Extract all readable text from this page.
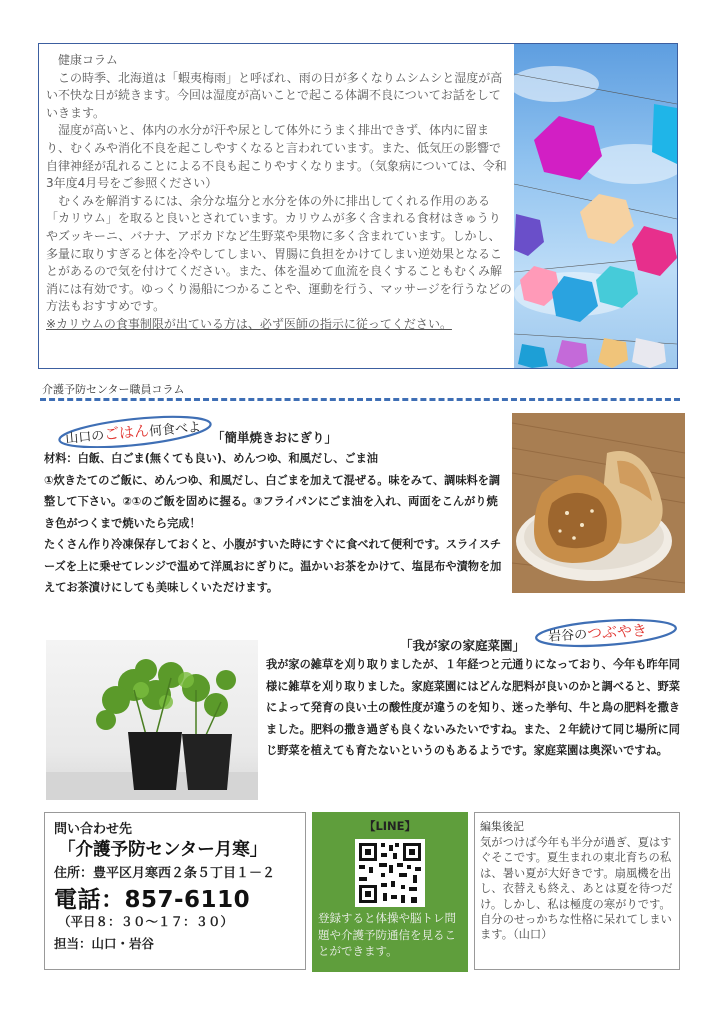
健康コラム

この時季、北海道は「蝦夷梅雨」と呼ばれ、雨の日が多くなりムシムシと湿度が高い不快な日が続きます。今回は湿度が高いことで起こる体調不良についてお話をしていきます。

湿度が高いと、体内の水分が汗や尿として体外にうまく排出できず、体内に留まり、むくみや消化不良を起こしやすくなると言われています。また、低気圧の影響で自律神経が乱れることによる不良も起こりやすくなります。（気象病については、令和3年度4月号をご参照ください）

むくみを解消するには、余分な塩分と水分を体の外に排出してくれる作用のある「カリウム」を取ると良いとされています。カリウムが多く含まれる食材はきゅうりやズッキーニ、バナナ、アボカドなど生野菜や果物に多く含まれています。しかし、多量に取りすぎると体を冷やしてしまい、胃腸に負担をかけてしまい逆効果となることがあるので気を付けてください。また、体を温めて血流を良くすることもむくみ解消には有効です。ゆっくり湯船につかることや、運動を行う、マッサージを行うなどの方法もおすすめです。

※カリウムの食事制限が出ている方は、必ず医師の指示に従ってください。

介護予防センター職員コラム
山口のごはん何食べよ 「簡単焼きおにぎり」

材料：白飯、白ごま(無くても良い)、めんつゆ、和風だし、ごま油

①炊きたてのご飯に、めんつゆ、和風だし、白ごまを加えて混ぜる。味をみて、調味料を調整して下さい。②①のご飯を固めに握る。③フライパンにごま油を入れ、両面をこんがり焼き色がつくまで焼いたら完成！

たくさん作り冷凍保存しておくと、小腹がすいた時にすぐに食べれて便利です。スライスチーズを上に乗せてレンジで温めて洋風おにぎりに。温かいお茶をかけて、塩昆布や漬物を加えてお茶漬けにしても美味しくいただけます。

岩谷のつぶやき
「我が家の家庭菜園」
我が家の雑草を刈り取りましたが、１年経つと元通りになっており、今年も昨年同様に雑草を刈り取りました。家庭菜園にはどんな肥料が良いのかと調べると、野菜によって発育の良い土の酸性度が違うのを知り、迷った挙句、牛と鳥の肥料を撒きました。肥料の撒き過ぎも良くないみたいですね。また、２年続けて同じ場所に同じ野菜を植えても育たないというのもあるようです。家庭菜園は奥深いですね。
問い合わせ先
「介護予防センター月寒」
住所：豊平区月寒西２条５丁目１－２
電話：857-6110
（平日８：３０～１７：３０）
担当：山口・岩谷
【LINE】
登録すると体操や脳トレ問題や介護予防通信を見ることができます。
編集後記
気がつけば今年も半分が過ぎ、夏はすぐそこです。夏生まれの東北育ちの私は、暑い夏が大好きです。扇風機を出し、衣替えも終え、あとは夏を待つだけ。しかし、私は極度の寒がりです。自分のせっかちな性格に呆れてしまいます。（山口）
